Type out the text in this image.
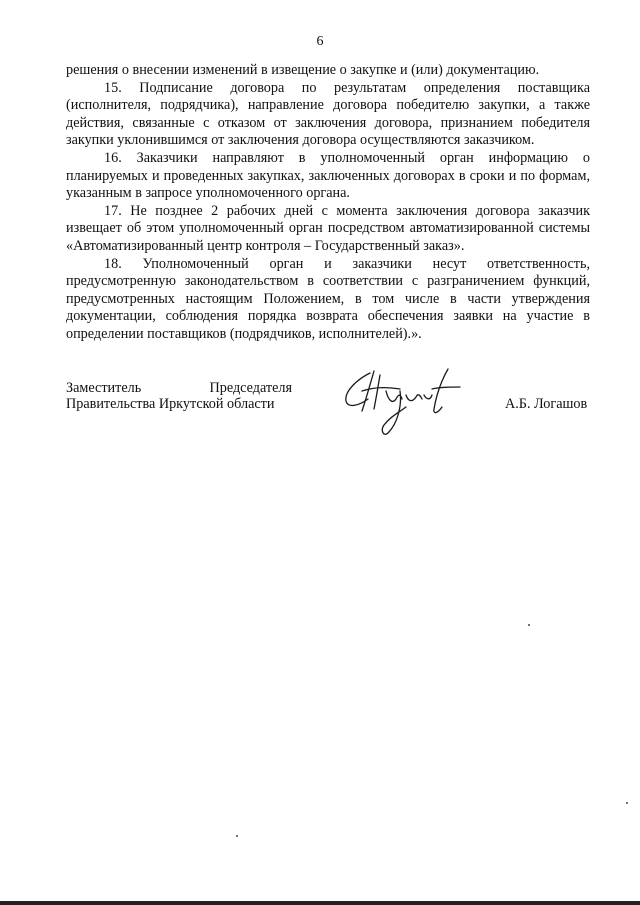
6

решения о внесении изменений в извещение о закупке и (или) документацию.

15. Подписание договора по результатам определения поставщика (исполнителя, подрядчика), направление договора победителю закупки, а также действия, связанные с отказом от заключения договора, признанием победителя закупки уклонившимся от заключения договора осуществляются заказчиком.

16. Заказчики направляют в уполномоченный орган информацию о планируемых и проведенных закупках, заключенных договорах в сроки и по формам, указанным в запросе уполномоченного органа.

17. Не позднее 2 рабочих дней с момента заключения договора заказчик извещает об этом уполномоченный орган посредством автоматизированной системы «Автоматизированный центр контроля – Государственный заказ».

18. Уполномоченный орган и заказчики несут ответственность, предусмотренную законодательством в соответствии с разграничением функций, предусмотренных настоящим Положением, в том числе в части утверждения документации, соблюдения порядка возврата обеспечения заявки на участие в определении поставщиков (подрядчиков, исполнителей).».

Заместитель	Председателя
Правительства Иркутской области	А.Б. Логашов
